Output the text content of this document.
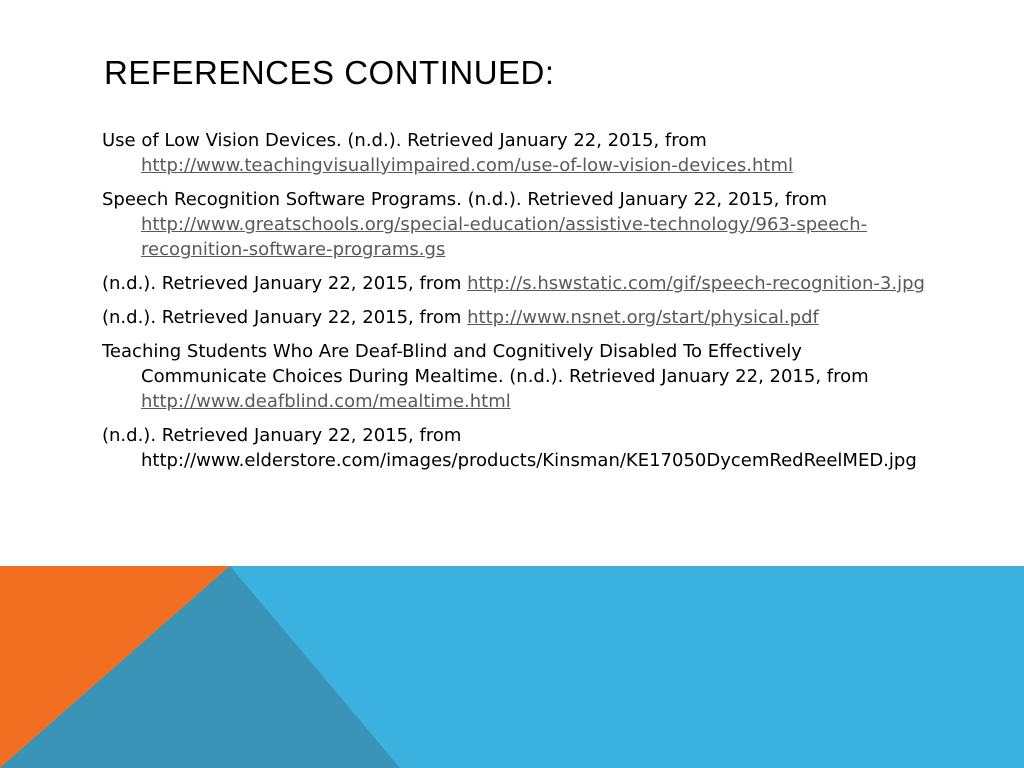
REFERENCES CONTINUED:
Use of Low Vision Devices. (n.d.). Retrieved January 22, 2015, from
http://www.teachingvisuallyimpaired.com/use-of-low-vision-devices.html
Speech Recognition Software Programs. (n.d.). Retrieved January 22, 2015, from
http://www.greatschools.org/special-education/assistive-technology/963-speech-recognition-software-programs.gs
(n.d.). Retrieved January 22, 2015, from http://s.hswstatic.com/gif/speech-recognition-3.jpg
(n.d.). Retrieved January 22, 2015, from http://www.nsnet.org/start/physical.pdf
Teaching Students Who Are Deaf-Blind and Cognitively Disabled To Effectively Communicate Choices During Mealtime. (n.d.). Retrieved January 22, 2015, from
http://www.deafblind.com/mealtime.html
(n.d.). Retrieved January 22, 2015, from
http://www.elderstore.com/images/products/Kinsman/KE17050DycemRedReelMED.jpg
